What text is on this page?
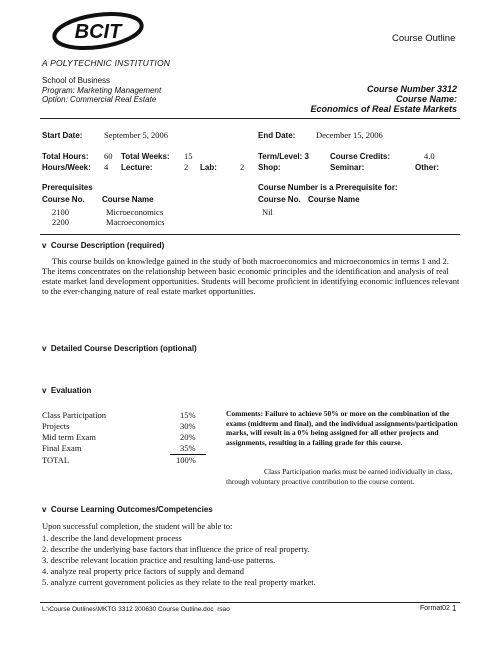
BCIT
A POLYTECHNIC INSTITUTION
Course Outline
School of Business
Program: Marketing Management
Option: Commercial Real Estate
Course Number 3312
Course Name:
Economics of Real Estate Markets
Start Date:	September 5, 2006	End Date: December 15, 2006
Total Hours: 60 Total Weeks: 15	Term/Level: 3	Course Credits:	4.0
Hours/Week: 4 Lecture:	2 Lab:	2 Shop:	Seminar:	Other:
Prerequisites	Course Number is a Prerequisite for:
Course No. Course Name	Course No. Course Name
2100	Microeconomics
2200	Macroeconomics
Nil
v Course Description (required)
This course builds on knowledge gained in the study of both macroeconomics and microeconomics in terms 1 and 2. The items concentrates on the relationship between basic economic principles and the identification and analysis of real estate market land development opportunities. Students will become proficient in identifying economic influences relevant to the ever-changing nature of real estate market opportunities.
v Detailed Course Description (optional)
v Evaluation
Class Participation	15%
Projects	30%
Mid term Exam	20%
Final Exam	35%
TOTAL	100%
Comments: Failure to achieve 50% or more on the combination of the exams (midterm and final), and the individual assignments/participation marks, will result in a 0% being assigned for all other projects and assignments, resulting in a failing grade for this course.
Class Participation marks must be earned individually in class, through voluntary proactive contribution to the course content.
v Course Learning Outcomes/Competencies
Upon successful completion, the student will be able to:
1. describe the land development process
2. describe the underlying base factors that influence the price of real property.
3. describe relevant location practice and resulting land-use patterns.
4. analyze real property price factors of supply and demand
5. analyze current government policies as they relate to the real property market.
L:\Course Outlines\MKTG 3312 200630 Course Outline.doc rsao	Format02 1
